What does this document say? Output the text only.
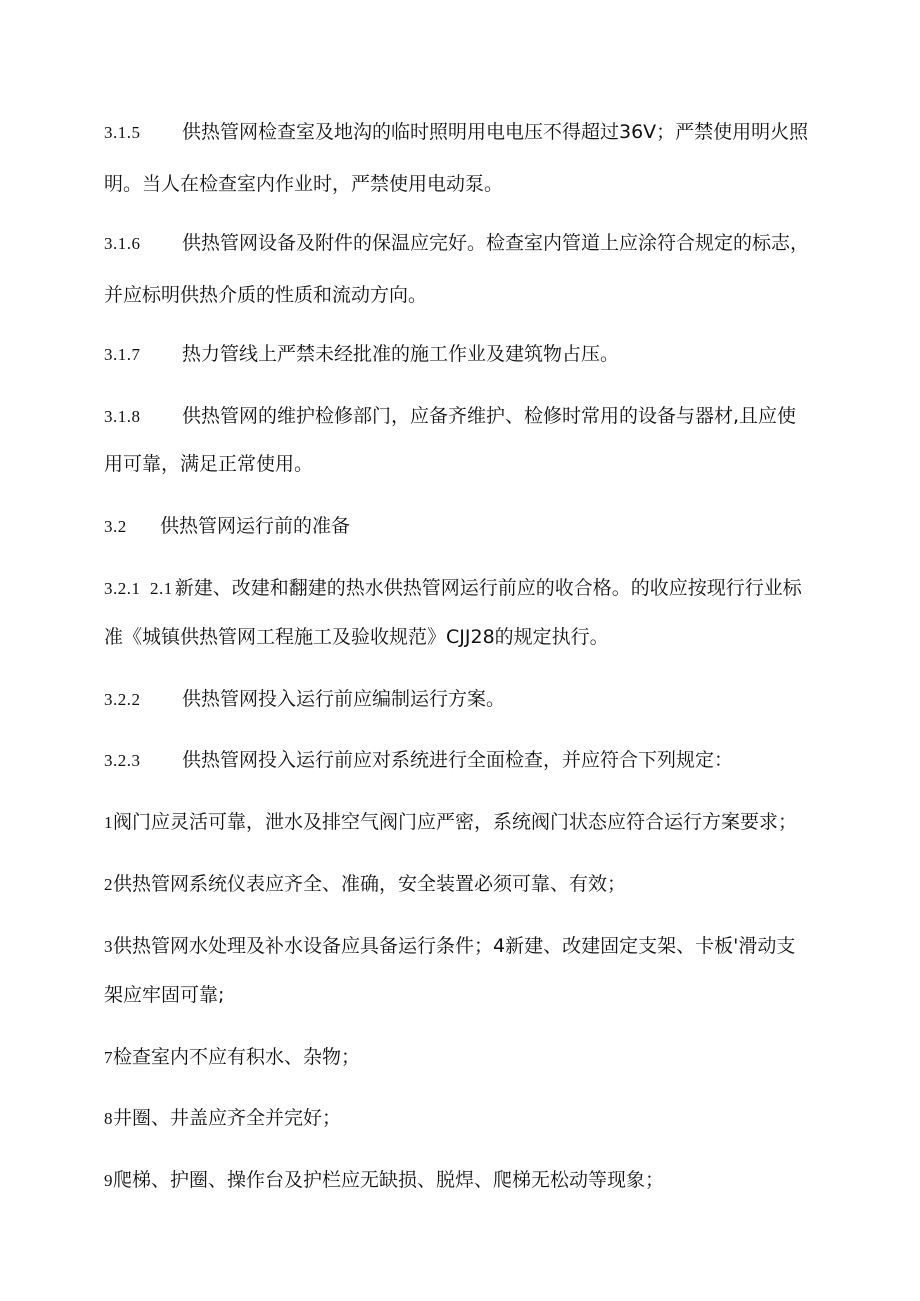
3.1.5 供热管网检查室及地沟的临时照明用电电压不得超过36V；严禁使用明火照
明。当人在检查室内作业时，严禁使用电动泵。
3.1.6 供热管网设备及附件的保温应完好。检查室内管道上应涂符合规定的标志，
并应标明供热介质的性质和流动方向。
3.1.7 热力管线上严禁未经批准的施工作业及建筑物占压。
3.1.8 供热管网的维护检修部门，应备齐维护、检修时常用的设备与器材,且应使
用可靠，满足正常使用。
3.2 供热管网运行前的准备
3.2.1 2.1 新建、改建和翻建的热水供热管网运行前应的收合格。的收应按现行行业标
准《城镇供热管网工程施工及验收规范》CJJ28的规定执行。
3.2.2 供热管网投入运行前应编制运行方案。
3.2.3 供热管网投入运行前应对系统进行全面检查，并应符合下列规定：
1阀门应灵活可靠，泄水及排空气阀门应严密，系统阀门状态应符合运行方案要求；
2供热管网系统仪表应齐全、准确，安全装置必须可靠、有效；
3供热管网水处理及补水设备应具备运行条件；4新建、改建固定支架、卡板'滑动支
架应牢固可靠;
7检查室内不应有积水、杂物；
8井圈、井盖应齐全并完好；
9爬梯、护圈、操作台及护栏应无缺损、脱焊、爬梯无松动等现象；
